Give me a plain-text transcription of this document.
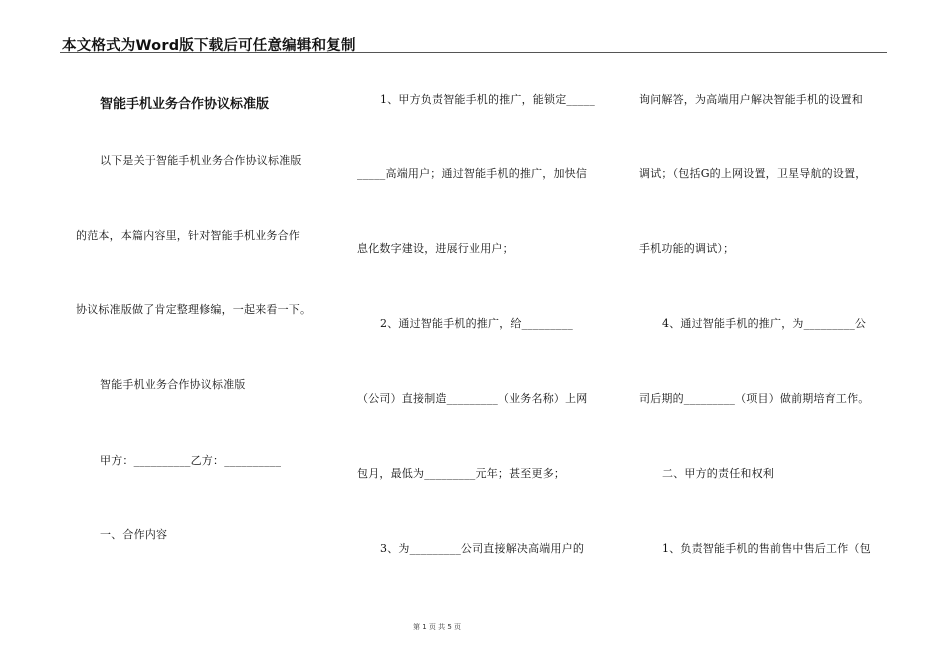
本文格式为Word版下载后可任意编辑和复制
智能手机业务合作协议标准版
以下是关于智能手机业务合作协议标准版
的范本，本篇内容里，针对智能手机业务合作
协议标准版做了肯定整理修编，一起来看一下。
智能手机业务合作协议标准版
甲方：__________乙方：__________
一、合作内容
1、甲方负责智能手机的推广，能锁定_____
_____高端用户；通过智能手机的推广，加快信
息化数字建设，进展行业用户；
2、通过智能手机的推广，给_________
（公司）直接制造_________（业务名称）上网
包月，最低为_________元年；甚至更多；
3、为_________公司直接解决高端用户的
询问解答，为高端用户解决智能手机的设置和
调试；（包括G的上网设置，卫星导航的设置，
手机功能的调试）；
4、通过智能手机的推广，为_________公
司后期的_________（项目）做前期培育工作。
二、甲方的责任和权利
1、负责智能手机的售前售中售后工作（包
第 1 页 共 5 页
